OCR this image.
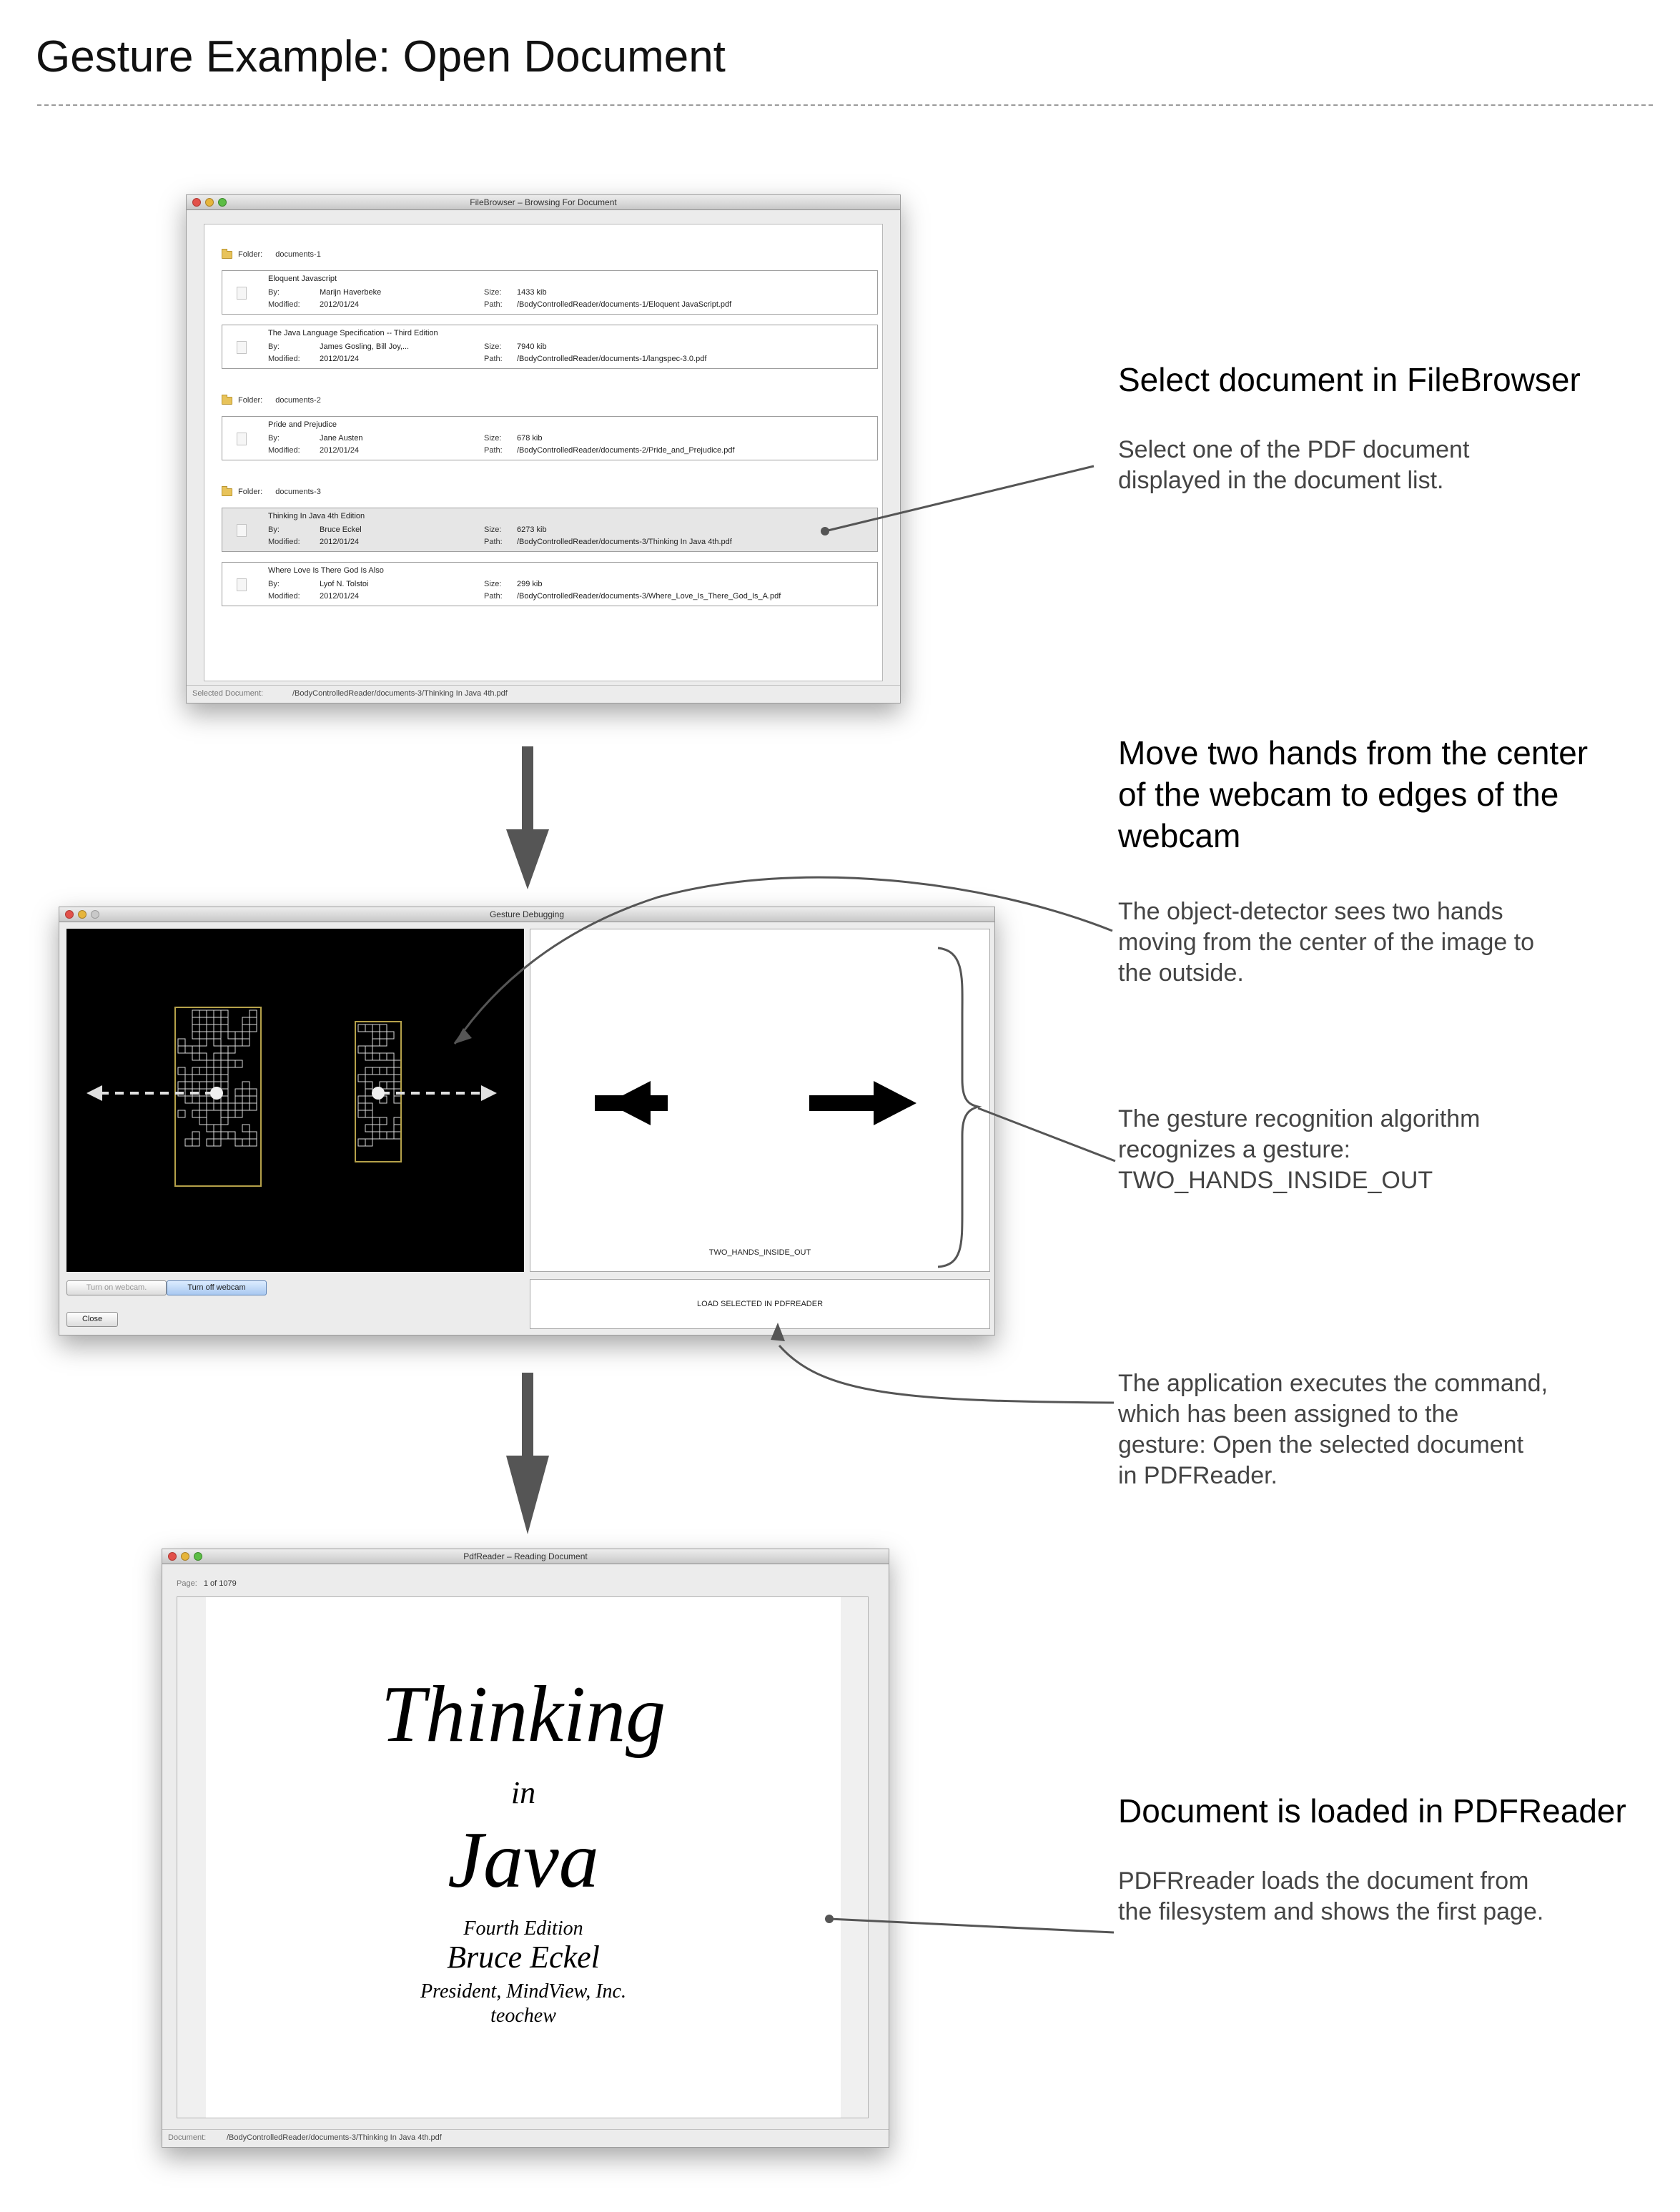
Gesture Example: Open Document
FileBrowser – Browsing For Document
Folder: documents-1
Eloquent Javascript
By:	Marijn Haverbeke
Modified: 2012/01/24
Size: 1433 kib
Path: /BodyControlledReader/documents-1/Eloquent JavaScript.pdf
The Java Language Specification -- Third Edition
By:	James Gosling, Bill Joy,...
Modified: 2012/01/24
Size: 7940 kib
Path: /BodyControlledReader/documents-1/langspec-3.0.pdf
Folder: documents-2
Pride and Prejudice
By:	Jane Austen
Modified: 2012/01/24
Size: 678 kib
Path: /BodyControlledReader/documents-2/Pride_and_Prejudice.pdf
Folder: documents-3
Thinking In Java 4th Edition
By:	Bruce Eckel
Modified: 2012/01/24
Size: 6273 kib
Path: /BodyControlledReader/documents-3/Thinking In Java 4th.pdf
Where Love Is There God Is Also
By:	Lyof N. Tolstoi
Modified: 2012/01/24
Size: 299 kib
Path: /BodyControlledReader/documents-3/Where_Love_Is_There_God_Is_A.pdf
Selected Document:	/BodyControlledReader/documents-3/Thinking In Java 4th.pdf
Gesture Debugging
TWO_HANDS_INSIDE_OUT
LOAD SELECTED IN PDFREADER
Turn on webcam.	Turn off webcam
Close
PdfReader – Reading Document
Page: 1 of 1079
Thinking
in
Java
Fourth Edition
Bruce Eckel
President, MindView, Inc.
teochew
Document:	/BodyControlledReader/documents-3/Thinking In Java 4th.pdf
Select document in FileBrowser
Select one of the PDF document
displayed in the document list.
Move two hands from the center
of the webcam to edges of the
webcam
The object-detector sees two hands
moving from the center of the image to
the outside.
The gesture recognition algorithm
recognizes a gesture:
TWO_HANDS_INSIDE_OUT
The application executes the command,
which has been assigned to the
gesture: Open the selected document
in PDFReader.
Document is loaded in PDFReader
PDFRreader loads the document from
the filesystem and shows the first page.
